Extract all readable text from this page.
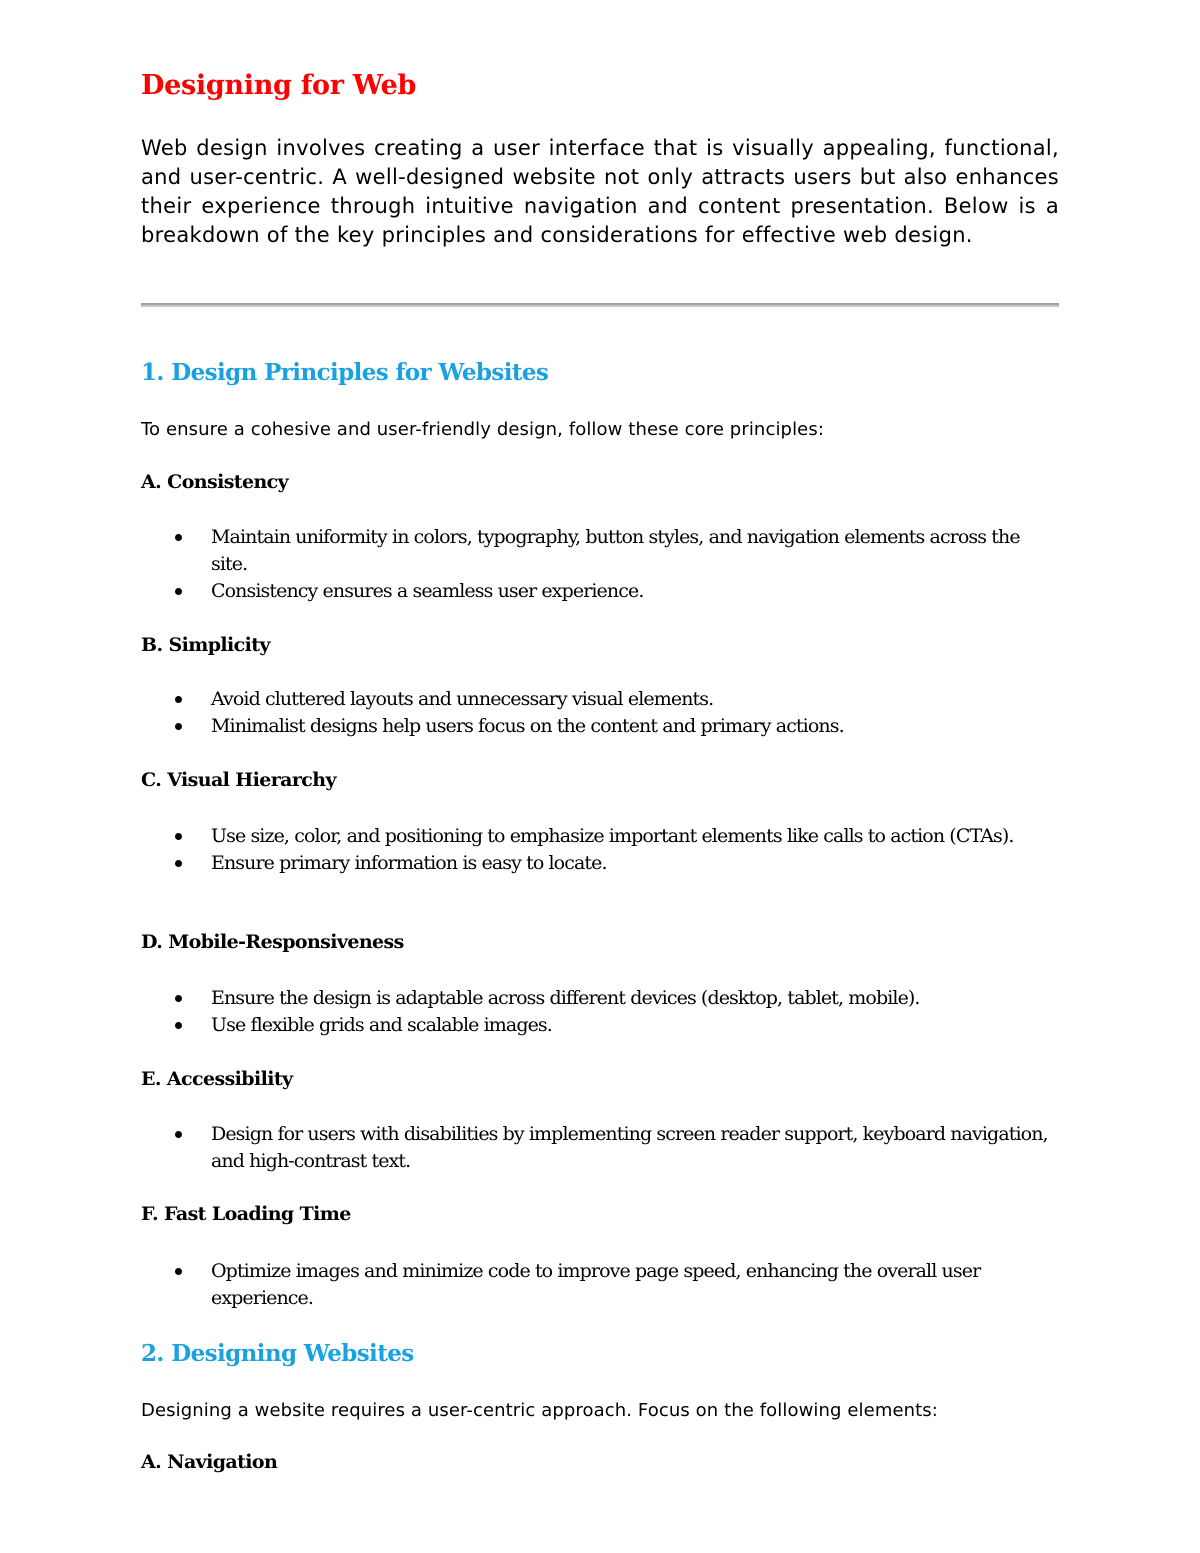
Designing for Web

Web design involves creating a user interface that is visually appealing, functional, and user-centric. A well-designed website not only attracts users but also enhances their experience through intuitive navigation and content presentation. Below is a breakdown of the key principles and considerations for effective web design.

1. Design Principles for Websites

To ensure a cohesive and user-friendly design, follow these core principles:

A. Consistency
Maintain uniformity in colors, typography, button styles, and navigation elements across the site.
Consistency ensures a seamless user experience.
B. Simplicity
Avoid cluttered layouts and unnecessary visual elements.
Minimalist designs help users focus on the content and primary actions.
C. Visual Hierarchy
Use size, color, and positioning to emphasize important elements like calls to action (CTAs).
Ensure primary information is easy to locate.
D. Mobile-Responsiveness
Ensure the design is adaptable across different devices (desktop, tablet, mobile).
Use flexible grids and scalable images.
E. Accessibility
Design for users with disabilities by implementing screen reader support, keyboard navigation, and high-contrast text.
F. Fast Loading Time
Optimize images and minimize code to improve page speed, enhancing the overall user experience.
2. Designing Websites

Designing a website requires a user-centric approach. Focus on the following elements:

A. Navigation
